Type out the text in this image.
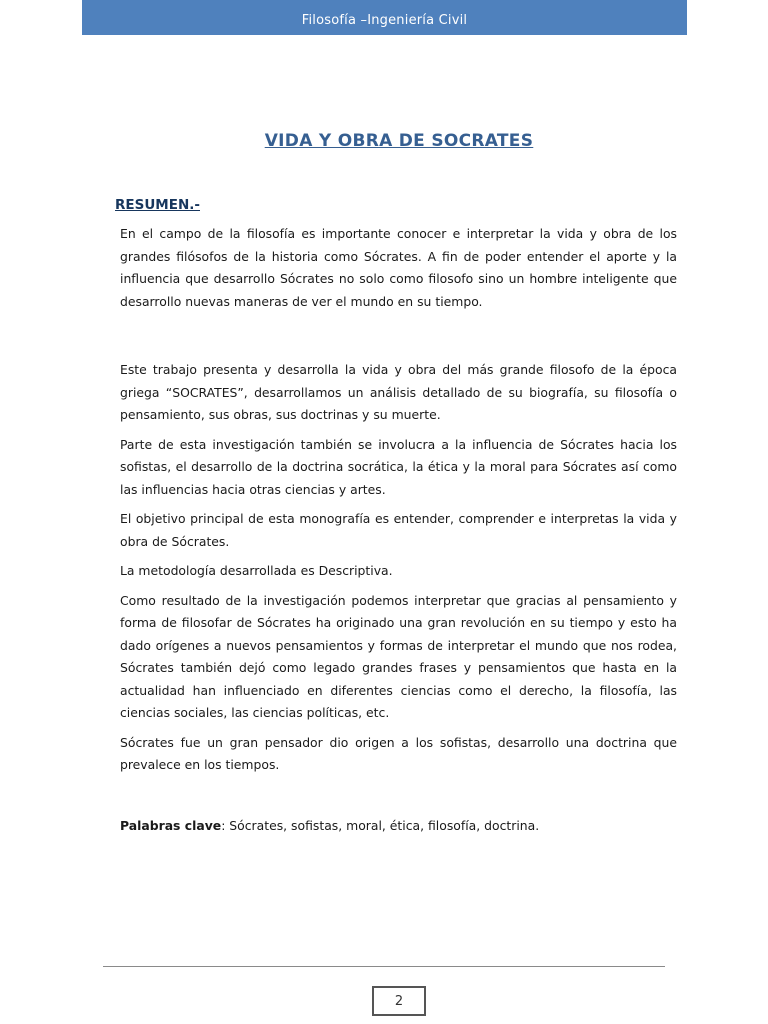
Filosofía –Ingeniería Civil
VIDA Y OBRA DE SOCRATES
RESUMEN.-

En el campo de la filosofía es importante conocer e interpretar la vida y obra de los grandes filósofos de la historia como Sócrates. A fin de poder entender el aporte y la influencia que desarrollo Sócrates no solo como filosofo sino un hombre inteligente que desarrollo nuevas maneras de ver el mundo en su tiempo.

Este trabajo presenta y desarrolla la vida y obra del más grande filosofo de la época griega “SOCRATES”, desarrollamos un análisis detallado de su biografía, su filosofía o pensamiento, sus obras, sus doctrinas y su muerte.

Parte de esta investigación también se involucra a la influencia de Sócrates hacia los sofistas, el desarrollo de la doctrina socrática, la ética y la moral para Sócrates así como las influencias hacia otras ciencias y artes.

El objetivo principal de esta monografía es entender, comprender e interpretas la vida y obra de Sócrates.

La metodología desarrollada es Descriptiva.

Como resultado de la investigación podemos interpretar que gracias al pensamiento y forma de filosofar de Sócrates ha originado una gran revolución en su tiempo y esto ha dado orígenes a nuevos pensamientos y formas de interpretar el mundo que nos rodea, Sócrates también dejó como legado grandes frases y pensamientos que hasta en la actualidad han influenciado en diferentes ciencias como el derecho, la filosofía, las ciencias sociales, las ciencias políticas, etc.

Sócrates fue un gran pensador dio origen a los sofistas, desarrollo una doctrina que prevalece en los tiempos.

Palabras clave: Sócrates, sofistas, moral, ética, filosofía, doctrina.

2
